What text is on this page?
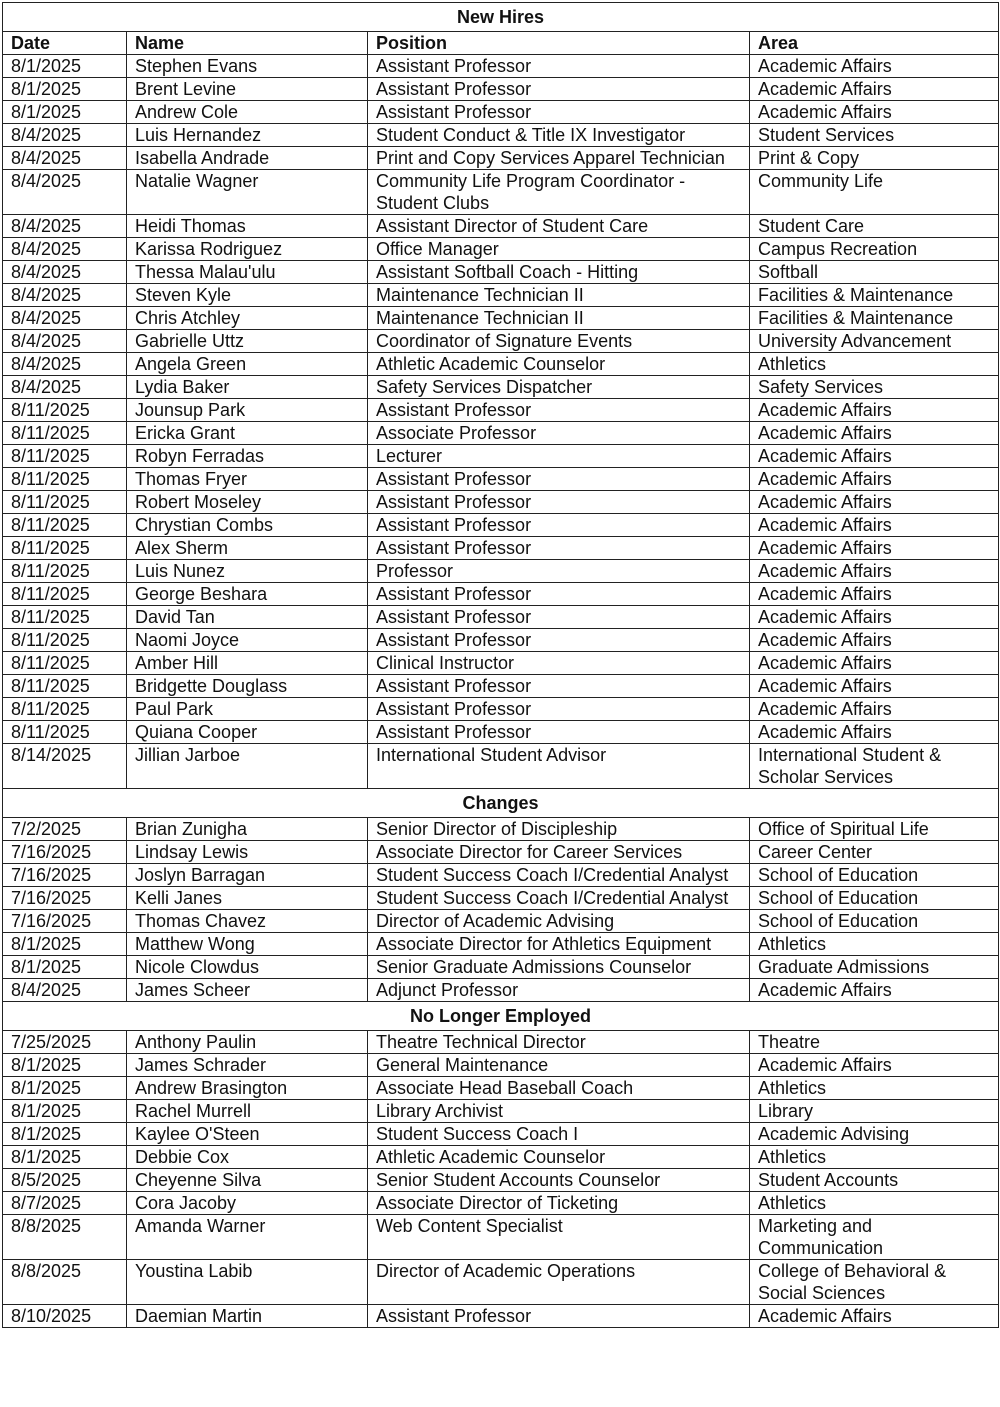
New Hires			
Date	Name	Position	Area
8/1/2025	Stephen Evans	Assistant Professor	Academic Affairs
8/1/2025	Brent Levine	Assistant Professor	Academic Affairs
8/1/2025	Andrew Cole	Assistant Professor	Academic Affairs
8/4/2025	Luis Hernandez	Student Conduct & Title IX Investigator	Student Services
8/4/2025	Isabella Andrade	Print and Copy Services Apparel Technician	Print & Copy
8/4/2025	Natalie Wagner	Community Life Program Coordinator - Student Clubs	Community Life
8/4/2025	Heidi Thomas	Assistant Director of Student Care	Student Care
8/4/2025	Karissa Rodriguez	Office Manager	Campus Recreation
8/4/2025	Thessa Malau'ulu	Assistant Softball Coach - Hitting	Softball
8/4/2025	Steven Kyle	Maintenance Technician II	Facilities & Maintenance
8/4/2025	Chris Atchley	Maintenance Technician II	Facilities & Maintenance
8/4/2025	Gabrielle Uttz	Coordinator of Signature Events	University Advancement
8/4/2025	Angela Green	Athletic Academic Counselor	Athletics
8/4/2025	Lydia Baker	Safety Services Dispatcher	Safety Services
8/11/2025	Jounsup Park	Assistant Professor	Academic Affairs
8/11/2025	Ericka Grant	Associate Professor	Academic Affairs
8/11/2025	Robyn Ferradas	Lecturer	Academic Affairs
8/11/2025	Thomas Fryer	Assistant Professor	Academic Affairs
8/11/2025	Robert Moseley	Assistant Professor	Academic Affairs
8/11/2025	Chrystian Combs	Assistant Professor	Academic Affairs
8/11/2025	Alex Sherm	Assistant Professor	Academic Affairs
8/11/2025	Luis Nunez	Professor	Academic Affairs
8/11/2025	George Beshara	Assistant Professor	Academic Affairs
8/11/2025	David Tan	Assistant Professor	Academic Affairs
8/11/2025	Naomi Joyce	Assistant Professor	Academic Affairs
8/11/2025	Amber Hill	Clinical Instructor	Academic Affairs
8/11/2025	Bridgette Douglass	Assistant Professor	Academic Affairs
8/11/2025	Paul Park	Assistant Professor	Academic Affairs
8/11/2025	Quiana Cooper	Assistant Professor	Academic Affairs
8/14/2025	Jillian Jarboe	International Student Advisor	International Student & Scholar Services
Changes			
7/2/2025	Brian Zunigha	Senior Director of Discipleship	Office of Spiritual Life
7/16/2025	Lindsay Lewis	Associate Director for Career Services	Career Center
7/16/2025	Joslyn Barragan	Student Success Coach I/Credential Analyst	School of Education
7/16/2025	Kelli Janes	Student Success Coach I/Credential Analyst	School of Education
7/16/2025	Thomas Chavez	Director of Academic Advising	School of Education
8/1/2025	Matthew Wong	Associate Director for Athletics Equipment	Athletics
8/1/2025	Nicole Clowdus	Senior Graduate Admissions Counselor	Graduate Admissions
8/4/2025	James Scheer	Adjunct Professor	Academic Affairs
No Longer Employed			
7/25/2025	Anthony Paulin	Theatre Technical Director	Theatre
8/1/2025	James Schrader	General Maintenance	Academic Affairs
8/1/2025	Andrew Brasington	Associate Head Baseball Coach	Athletics
8/1/2025	Rachel Murrell	Library Archivist	Library
8/1/2025	Kaylee O'Steen	Student Success Coach I	Academic Advising
8/1/2025	Debbie Cox	Athletic Academic Counselor	Athletics
8/5/2025	Cheyenne Silva	Senior Student Accounts Counselor	Student Accounts
8/7/2025	Cora Jacoby	Associate Director of Ticketing	Athletics
8/8/2025	Amanda Warner	Web Content Specialist	Marketing and Communication
8/8/2025	Youstina Labib	Director of Academic Operations	College of Behavioral & Social Sciences
8/10/2025	Daemian Martin	Assistant Professor	Academic Affairs
